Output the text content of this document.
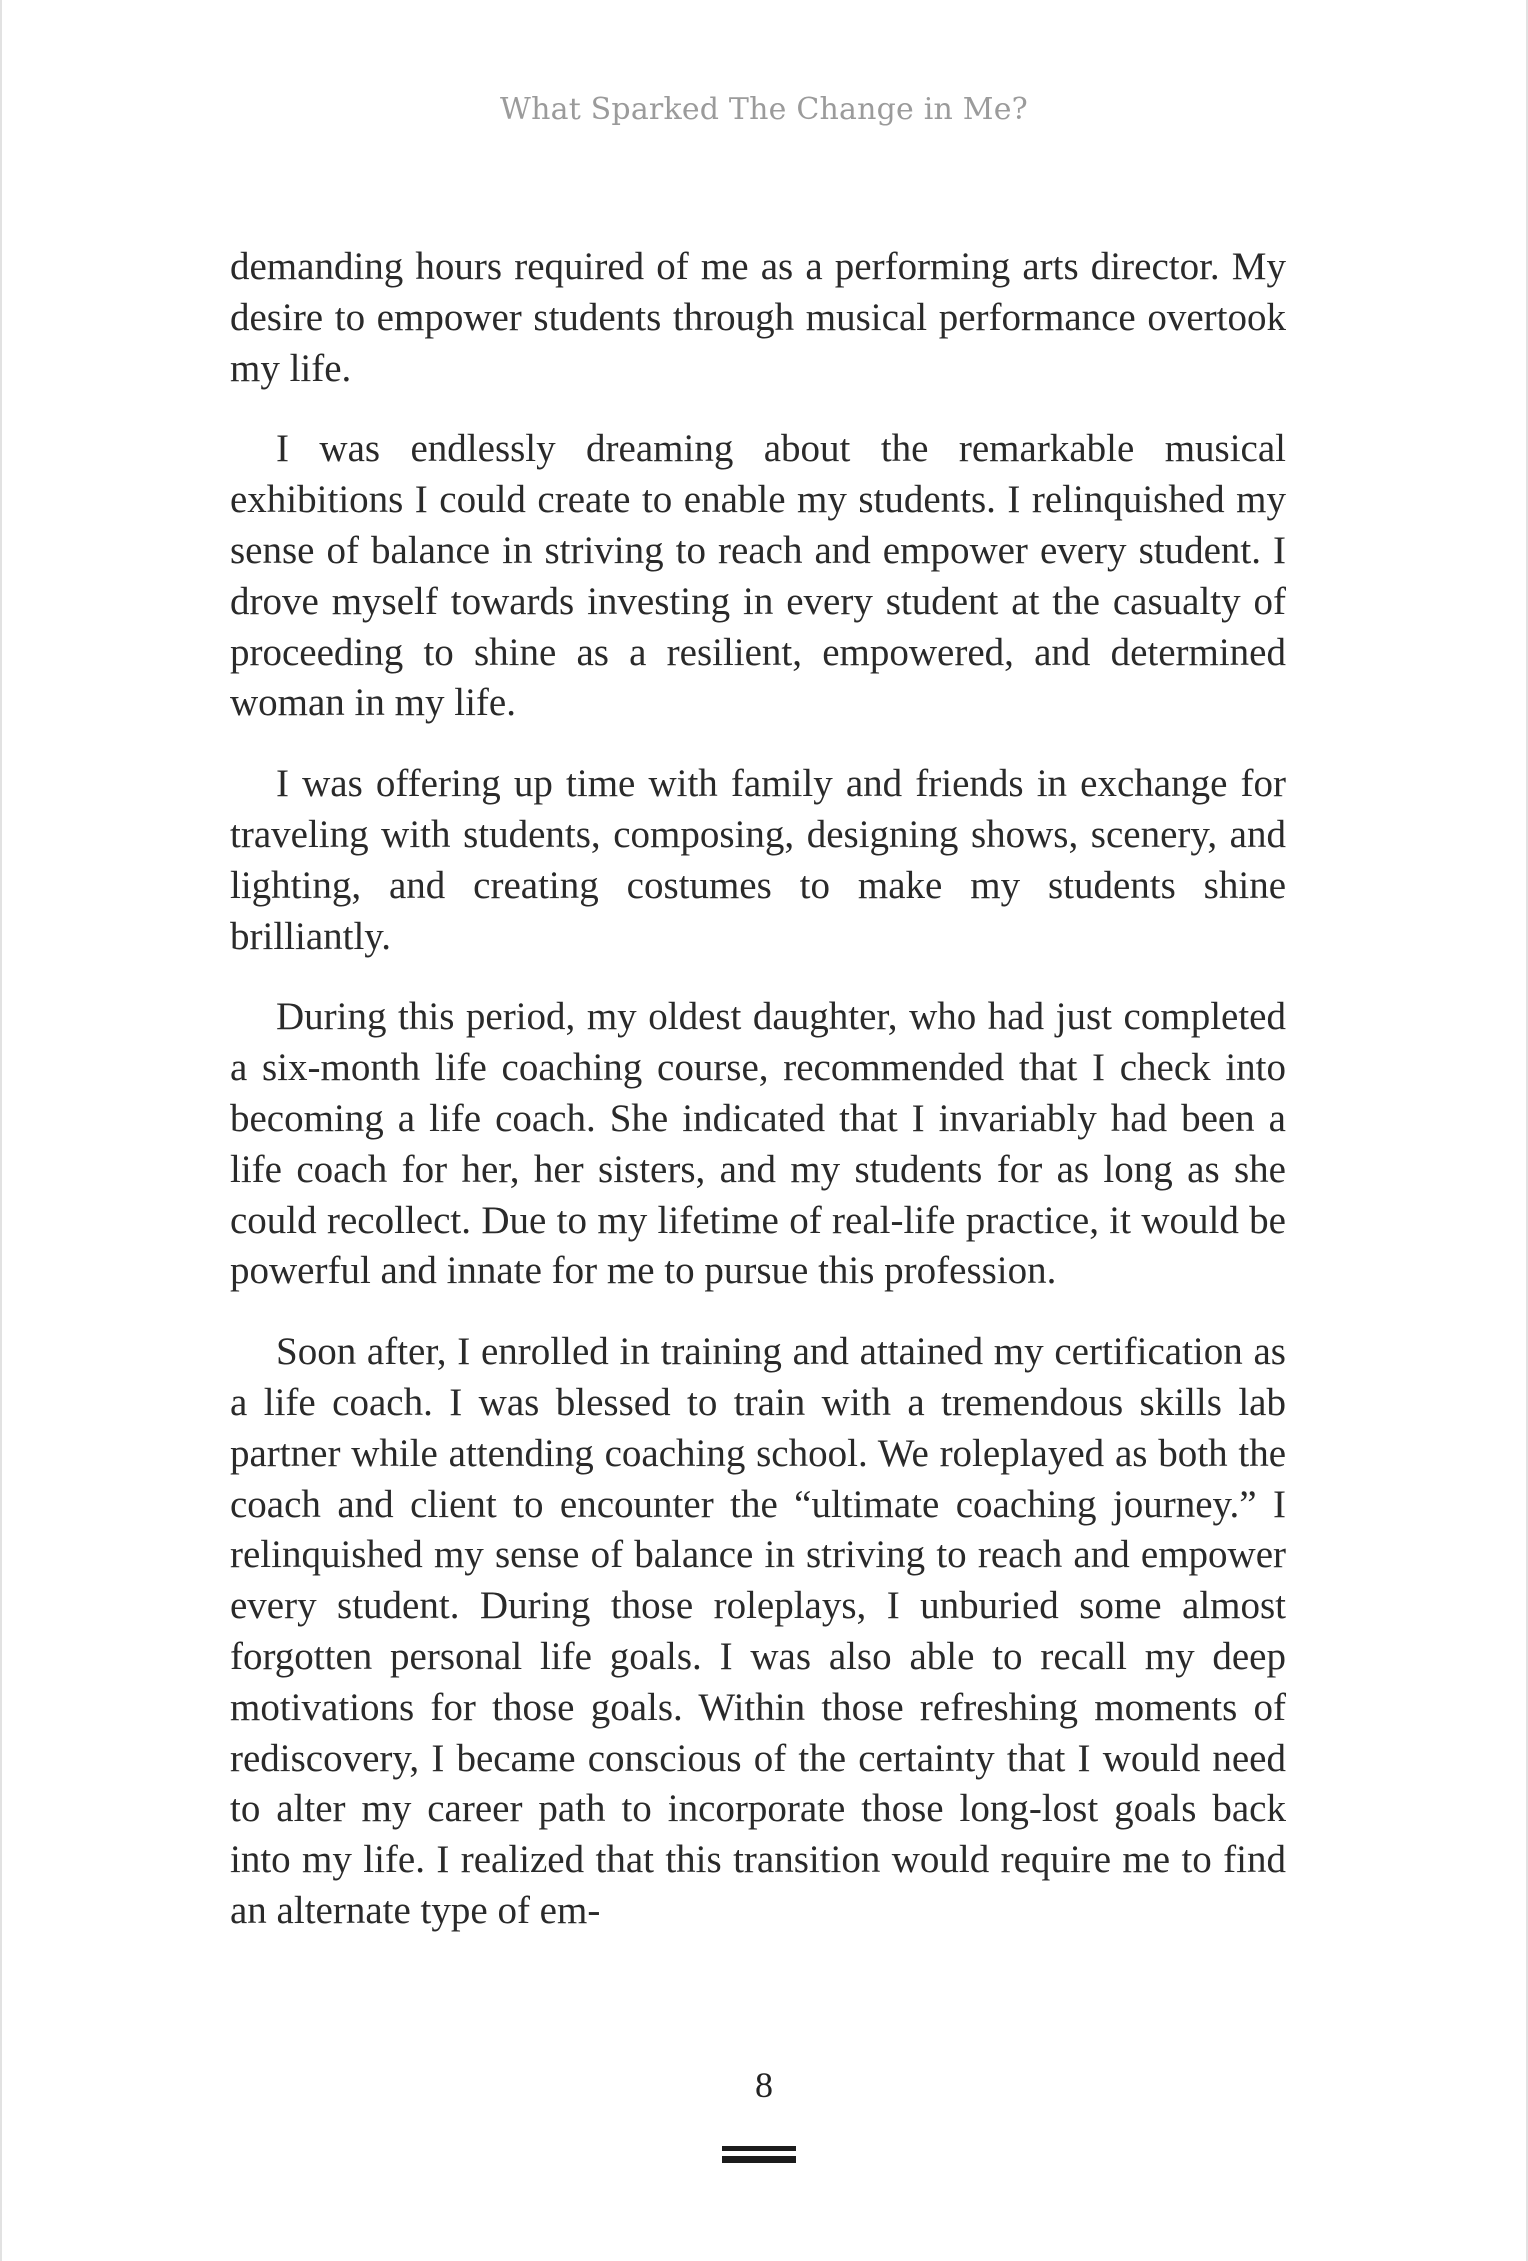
What Sparked The Change in Me?

demanding hours required of me as a performing arts director. My desire to empower students through musical performance overtook my life.

I was endlessly dreaming about the remarkable musical exhibitions I could create to enable my students. I relinquished my sense of balance in striving to reach and empower every student. I drove myself towards investing in every student at the casualty of proceeding to shine as a resilient, empowered, and determined woman in my life.

I was offering up time with family and friends in exchange for traveling with students, composing, designing shows, scenery, and lighting, and creating costumes to make my students shine brilliantly.

During this period, my oldest daughter, who had just completed a six-month life coaching course, recommended that I check into becoming a life coach. She indicated that I invariably had been a life coach for her, her sisters, and my students for as long as she could recollect. Due to my lifetime of real-life practice, it would be powerful and innate for me to pursue this profession.

Soon after, I enrolled in training and attained my certification as a life coach. I was blessed to train with a tremendous skills lab partner while attending coaching school. We roleplayed as both the coach and client to encounter the “ultimate coaching journey.” I relinquished my sense of balance in striving to reach and empower every student. During those roleplays, I unburied some almost forgotten personal life goals. I was also able to recall my deep motivations for those goals. Within those refreshing moments of rediscovery, I became conscious of the certainty that I would need to alter my career path to incorporate those long-lost goals back into my life. I realized that this transition would require me to find an alternate type of em-

8
